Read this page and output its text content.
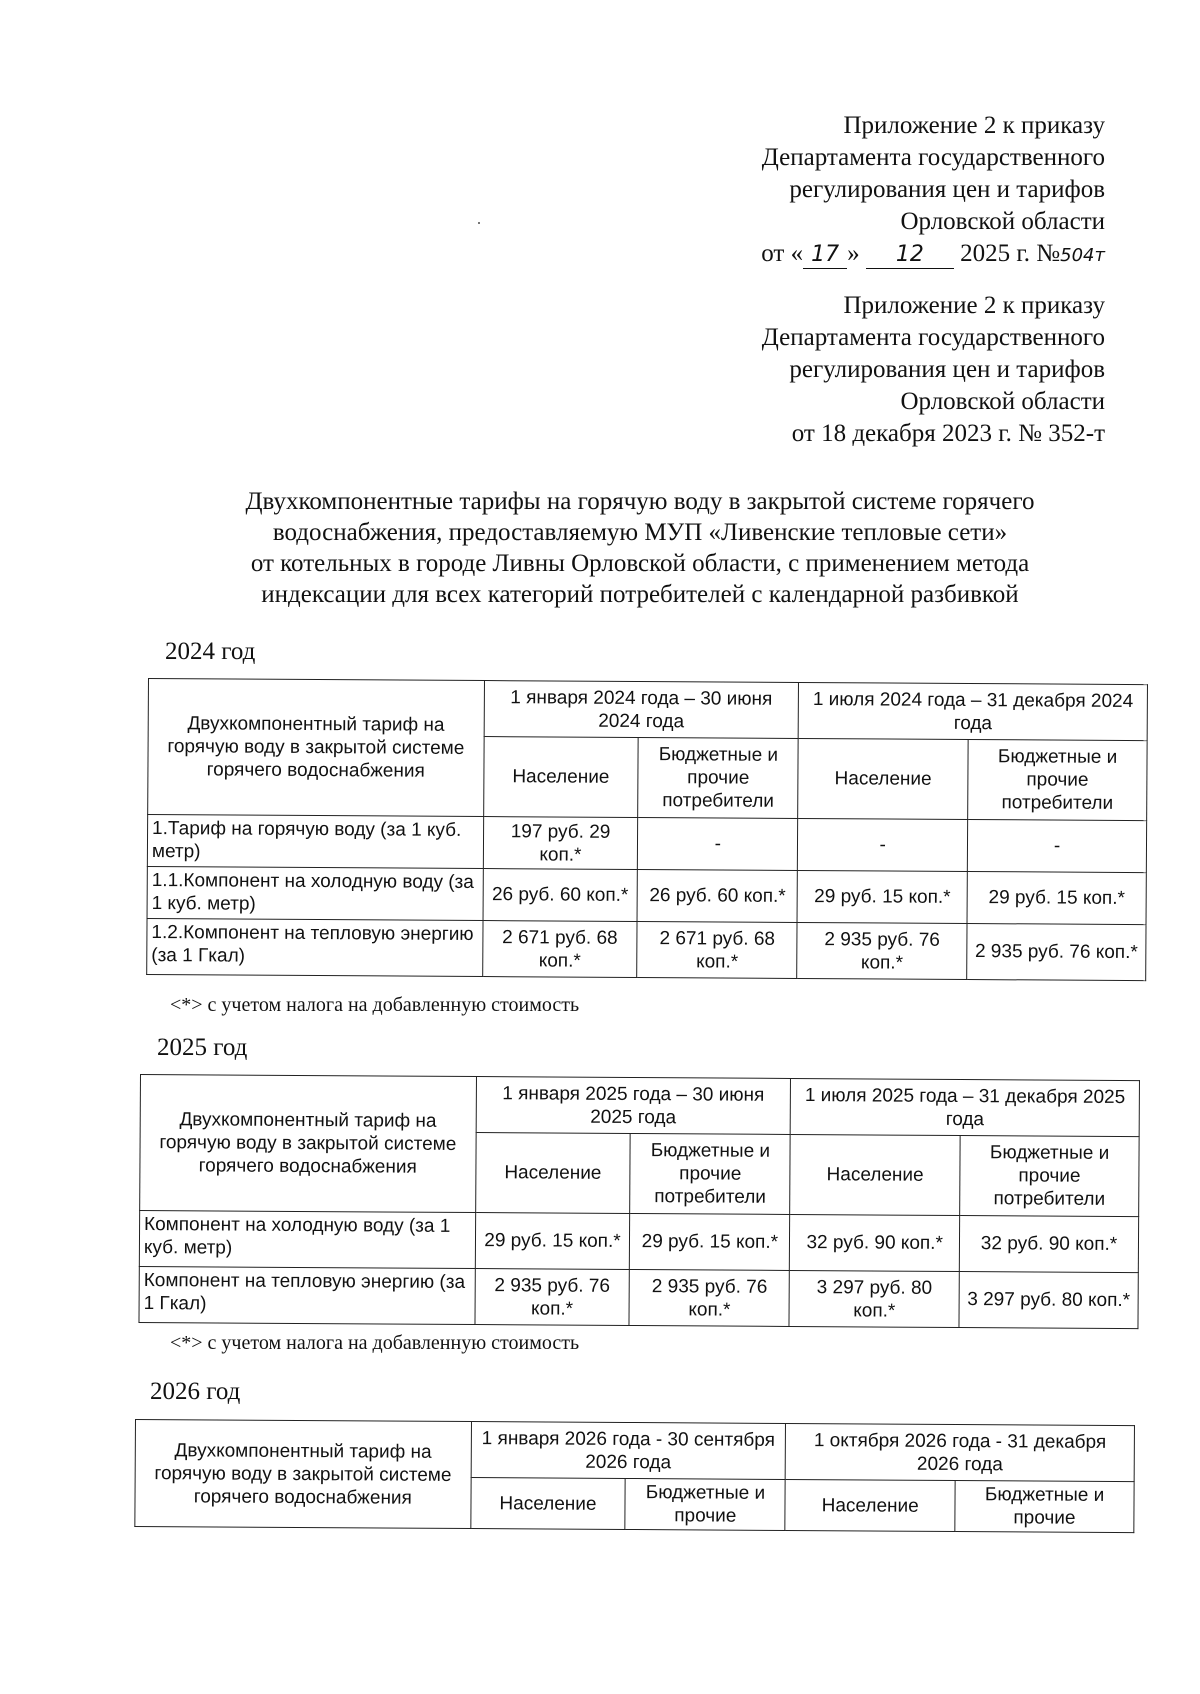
Приложение 2 к приказу
Департамента государственного
регулирования цен и тарифов
Орловской области
от « 17 » 12 2025 г. №504т
Приложение 2 к приказу
Департамента государственного
регулирования цен и тарифов
Орловской области
от 18 декабря 2023 г. № 352-т
Двухкомпонентные тарифы на горячую воду в закрытой системе горячего
водоснабжения, предоставляемую МУП «Ливенские тепловые сети»
от котельных в городе Ливны Орловской области, с применением метода
индексации для всех категорий потребителей с календарной разбивкой
2024 год
Двухкомпонентный тариф на горячую воду в закрытой системе горячего водоснабжения	1 января 2024 года – 30 июня 2024 года		1 июля 2024 года – 31 декабря 2024 года	
	Население	Бюджетные и прочие потребители	Население	Бюджетные и прочие потребители
1.Тариф на горячую воду (за 1 куб. метр)	197 руб. 29 коп.*	-	-	-
1.1.Компонент на холодную воду (за 1 куб. метр)	26 руб. 60 коп.*	26 руб. 60 коп.*	29 руб. 15 коп.*	29 руб. 15 коп.*
1.2.Компонент на тепловую энергию (за 1 Гкал)	2 671 руб. 68 коп.*	2 671 руб. 68 коп.*	2 935 руб. 76 коп.*	2 935 руб. 76 коп.*
<*> с учетом налога на добавленную стоимость
2025 год
Двухкомпонентный тариф на горячую воду в закрытой системе горячего водоснабжения	1 января 2025 года – 30 июня 2025 года		1 июля 2025 года – 31 декабря 2025 года	
	Население	Бюджетные и прочие потребители	Население	Бюджетные и прочие потребители
Компонент на холодную воду (за 1 куб. метр)	29 руб. 15 коп.*	29 руб. 15 коп.*	32 руб. 90 коп.*	32 руб. 90 коп.*
Компонент на тепловую энергию (за 1 Гкал)	2 935 руб. 76 коп.*	2 935 руб. 76 коп.*	3 297 руб. 80 коп.*	3 297 руб. 80 коп.*
<*> с учетом налога на добавленную стоимость
2026 год
Двухкомпонентный тариф на горячую воду в закрытой системе горячего водоснабжения	1 января 2026 года - 30 сентября 2026 года		1 октября 2026 года - 31 декабря 2026 года	
	Население	Бюджетные и прочие	Население	Бюджетные и прочие
